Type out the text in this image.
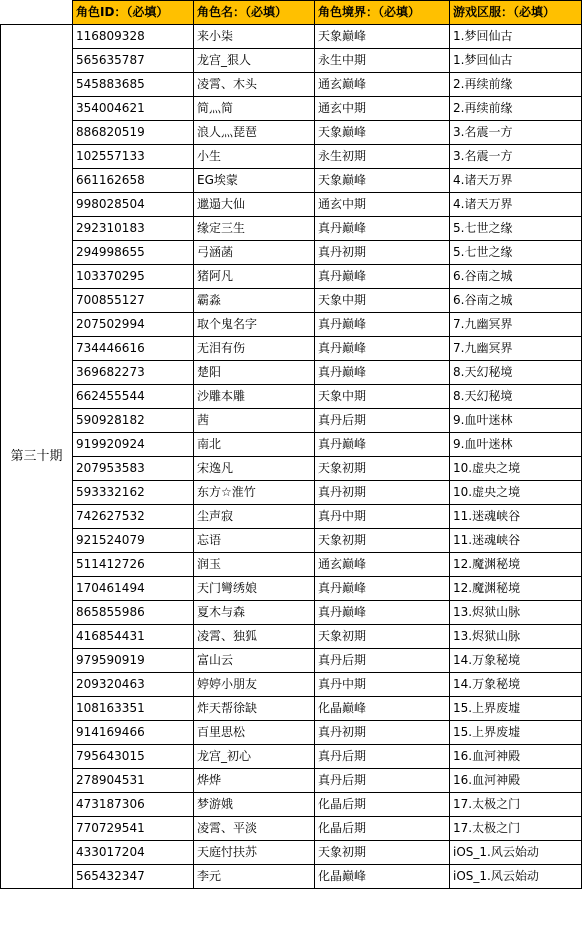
	角色ID：（必填）	角色名：（必填）	角色境界：（必填）	游戏区服：（必填）
第三十期	116809328	来小柒	天象巅峰	1.梦回仙古
	565635787	龙宫_狠人	永生中期	1.梦回仙古
	545883685	凌霄、木头	通玄巅峰	2.再续前缘
	354004621	简灬简	通玄中期	2.再续前缘
	886820519	浪人灬琵琶	天象巅峰	3.名震一方
	102557133	小生	永生初期	3.名震一方
	661162658	EG埃蒙	天象巅峰	4.诸天万界
	998028504	邋遢大仙	通玄中期	4.诸天万界
	292310183	缘定三生	真丹巅峰	5.七世之缘
	294998655	弓涵菡	真丹初期	5.七世之缘
	103370295	猪阿凡	真丹巅峰	6.谷南之城
	700855127	霸淼	天象中期	6.谷南之城
	207502994	取个鬼名字	真丹巅峰	7.九幽冥界
	734446616	无泪有伤	真丹巅峰	7.九幽冥界
	369682273	楚阳	真丹巅峰	8.天幻秘境
	662455544	沙雕本雕	天象中期	8.天幻秘境
	590928182	茜	真丹后期	9.血叶迷林
	919920924	南北	真丹巅峰	9.血叶迷林
	207953583	宋逸凡	天象初期	10.虚央之境
	593332162	东方☆淮竹	真丹初期	10.虚央之境
	742627532	尘声寂	真丹中期	11.迷魂峡谷
	921524079	忘语	天象初期	11.迷魂峡谷
	511412726	润玉	通玄巅峰	12.魔渊秘境
	170461494	天门彎绣娘	真丹巅峰	12.魔渊秘境
	865855986	夏木与森	真丹巅峰	13.烬狱山脉
	416854431	凌霄、独狐	天象初期	13.烬狱山脉
	979590919	富山云	真丹后期	14.万象秘境
	209320463	婷婷小朋友	真丹中期	14.万象秘境
	108163351	炸天帮徐缺	化晶巅峰	15.上界废墟
	914169466	百里思松	真丹初期	15.上界废墟
	795643015	龙宫_初心	真丹后期	16.血河神殿
	278904531	烨烨	真丹后期	16.血河神殿
	473187306	梦游娥	化晶后期	17.太极之门
	770729541	凌霄、平淡	化晶后期	17.太极之门
	433017204	天庭忖扶苏	天象初期	iOS_1.风云始动
	565432347	李元	化晶巅峰	iOS_1.风云始动
